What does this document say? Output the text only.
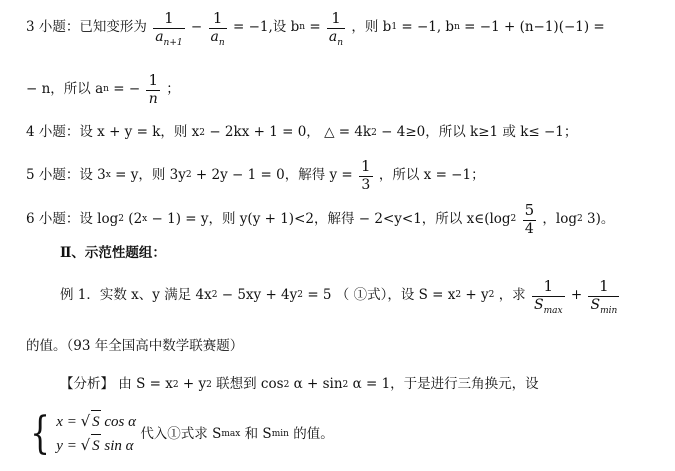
3 小题：已知变形为 $\frac{1}{a_{n+1}} - \frac{1}{a_n} = -1$,设 bn = $\frac{1}{a_n}$ ，则 b1 = −1, bn = −1 + (n−1)(−1) =
− n，所以 an = − $\frac{1}{n}$ ；
4 小题：设 x + y = k，则 x2 − 2kx + 1 = 0， △ = 4k2 − 4≥0，所以 k≥1 或 k≤ −1；
5 小题：设 3x = y，则 3y2 + 2y − 1 = 0，解得 $y = \frac{1}{3}$ ，所以 x = −1；
6 小题：设 log2 (2x − 1) = y，则 y(y + 1)<2，解得 − 2<y<1，所以 x∈(log2 $\frac{5}{4}$ ，log2 3)。
Ⅱ、示范性题组：
例 1．实数 x、y 满足 4x2 − 5xy + 4y2 = 5 （ ①式），设 S = x2 + y2 ，求 $\frac{1}{S_{max}} + \frac{1}{S_{min}}$
的值。（93 年全国高中数学联赛题）
【分析】 由 S = x2 + y2 联想到 cos2 α + sin2 α = 1，于是进行三角换元，设
{ x = √ S cos α
y = √ S sin α
代入①式求 Smax 和 Smin 的值。
